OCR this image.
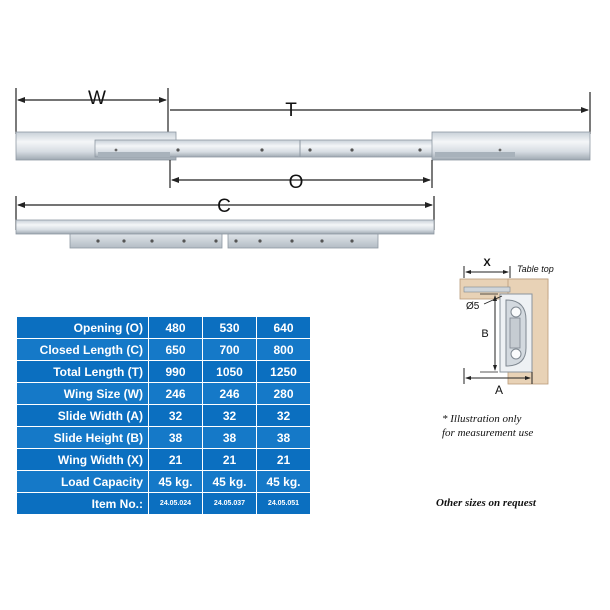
W
T
O
C
X	Table top
Ø5
B
A
Opening (O)	480	530	640
Closed Length (C)	650	700	800
Total Length (T)	990	1050	1250
Wing Size (W)	246	246	280
Slide Width (A)	32	32	32
Slide Height (B)	38	38	38
Wing Width (X)	21	21	21
Load Capacity	45 kg.	45 kg.	45 kg.
Item No.:	24.05.024	24.05.037	24.05.051
* Illustration only
for measurement use
Other sizes on request
